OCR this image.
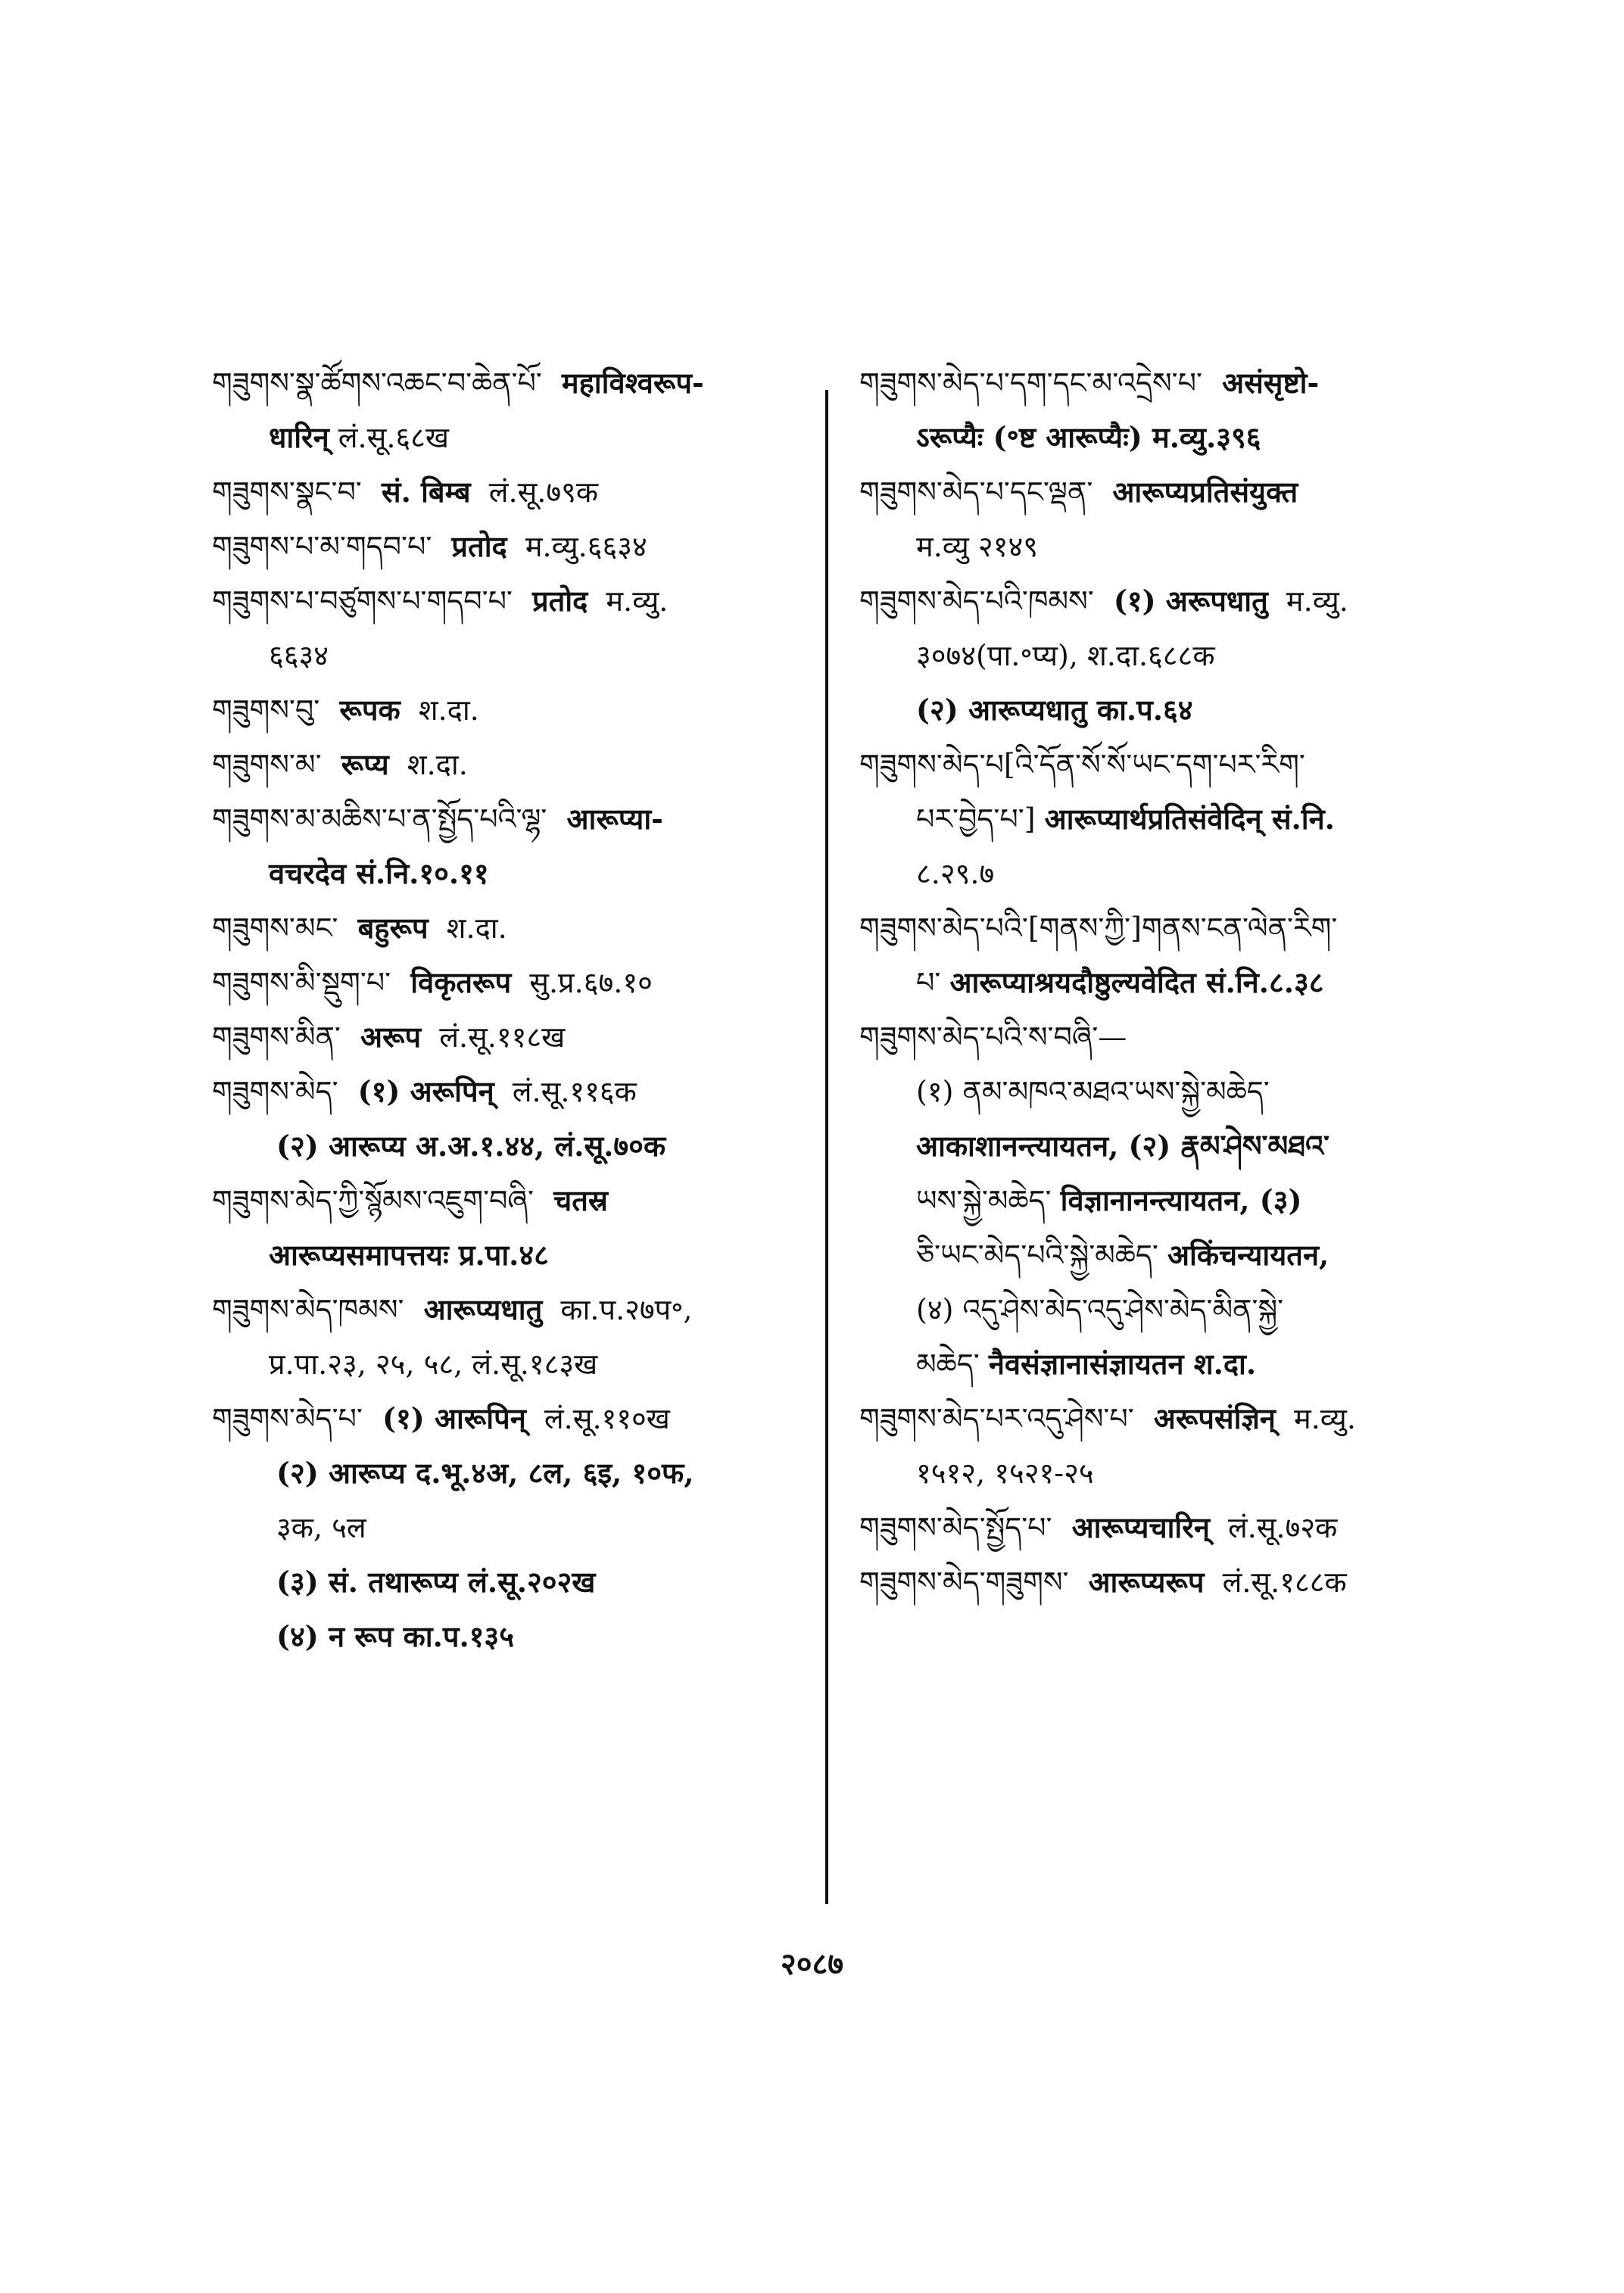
གཟུགས་སྣ་ཚོགས་འཆང་བ་ཆེན་པོ་ महाविश्वरूप-
धारिन् लं.सू.६८ख
གཟུགས་སྣང་བ་ सं. बिम्ब लं.सू.७९क
གཟུགས་པ་མ་གདབ་པ་ प्रतोद म.व्यु.६६३४
གཟུགས་པ་བཙུགས་པ་གདབ་པ་ प्रतोद म.व्यु.
६६३४
གཟུགས་བུ་ रूपक श.दा.
གཟུགས་མ་ रूप्य श.दा.
གཟུགས་མ་མཆིས་པ་ན་སྤྱོད་པའི་ལྷ་ आरूप्या-
वचरदेव सं.नि.१०.११
གཟུགས་མང་ बहुरूप श.दा.
གཟུགས་མི་སྡུག་པ་ विकृतरूप सु.प्र.६७.१०
གཟུགས་མིན་ अरूप लं.सू.११८ख
གཟུགས་མེད་ (१) अरूपिन् लं.सू.११६क
(२) आरूप्य अ.अ.१.४४, लं.सू.७०क
གཟུགས་མེད་ཀྱི་སྙོམས་འཇུག་བཞི་ चतस्र
आरूप्यसमापत्तयः प्र.पा.४८
གཟུགས་མེད་ཁམས་ आरूप्यधातु का.प.२७प॰,
प्र.पा.२३, २५, ५८, लं.सू.१८३ख
གཟུགས་མེད་པ་ (१) आरूपिन् लं.सू.११०ख
(२) आरूप्य द.भू.४अ, ८ल, ६इ, १०फ,
३क, ५ल
(३) सं. तथारूप्य लं.सू.२०२ख
(४) न रूप का.प.१३५
གཟུགས་མེད་པ་དག་དང་མ་འདྲེས་པ་ असंसृष्टो-
ऽरूप्यैः (॰ष्ट आरूप्यैः) म.व्यु.३९६
གཟུགས་མེད་པ་དང་ལྡན་ आरूप्यप्रतिसंयुक्त
म.व्यु २१४९
གཟུགས་མེད་པའི་ཁམས་ (१) अरूपधातु म.व्यु.
३०७४(पा.॰प्य), श.दा.६८८क
(२) आरूप्यधातु का.प.६४
གཟུགས་མེད་པ[འི་དོན་སོ་སོ་ཡང་དག་པར་རིག་
པར་བྱེད་པ་] आरूप्यार्थप्रतिसंवेदिन् सं.नि.
८.२९.७
གཟུགས་མེད་པའི་[གནས་ཀྱི་]གནས་ངན་ལེན་རིག་
པ་ आरूप्याश्रयदौष्ठुल्यवेदित सं.नि.८.३८
གཟུགས་མེད་པའི་ས་བཞི་—
(१) ནམ་མཁའ་མཐའ་ཡས་སྐྱེ་མཆེད་
आकाशानन्त्यायतन, (२) རྣམ་ཤེས་མཐའ་
ཡས་སྐྱེ་མཆེད་ विज्ञानानन्त्यायतन, (३)
ཅི་ཡང་མེད་པའི་སྐྱེ་མཆེད་ अकिंचन्यायतन,
(४) འདུ་ཤེས་མེད་འདུ་ཤེས་མེད་མིན་སྐྱེ་
མཆེད་ नैवसंज्ञानासंज्ञायतन श.दा.
གཟུགས་མེད་པར་འདུ་ཤེས་པ་ अरूपसंज्ञिन् म.व्यु.
१५१२, १५२१-२५
གཟུགས་མེད་སྤྱོད་པ་ आरूप्यचारिन् लं.सू.७२क
གཟུགས་མེད་གཟུགས་ आरूप्यरूप लं.सू.१८८क
२०८७
